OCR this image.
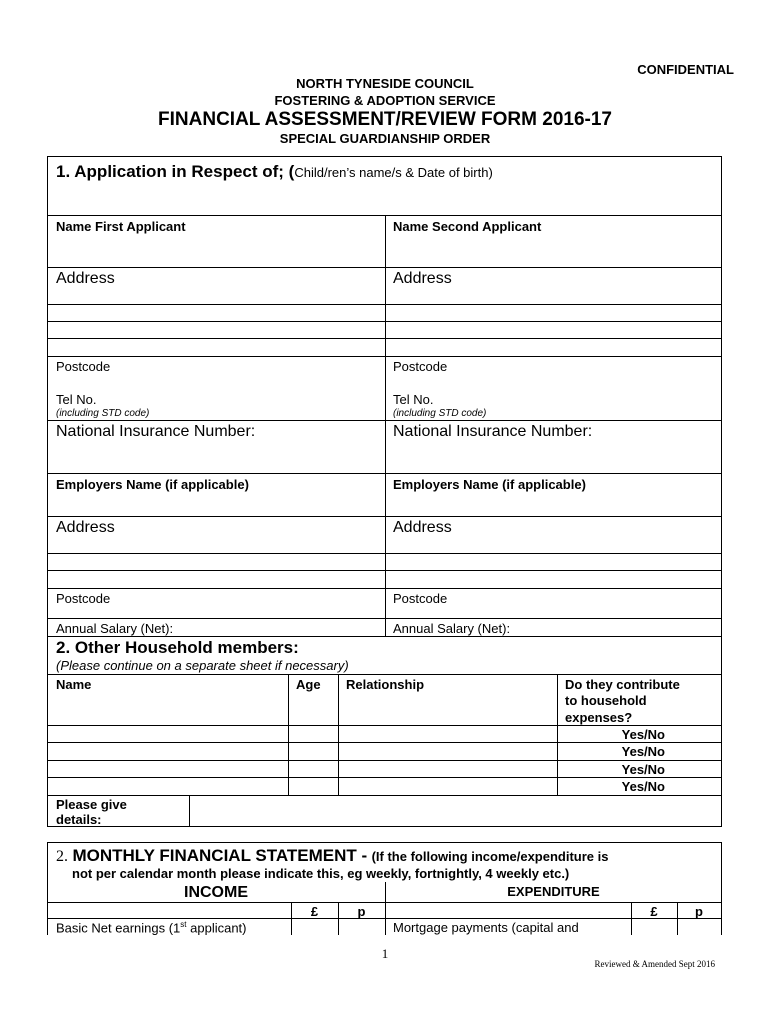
CONFIDENTIAL
NORTH TYNESIDE COUNCIL
FOSTERING & ADOPTION SERVICE
FINANCIAL ASSESSMENT/REVIEW FORM 2016-17
SPECIAL GUARDIANSHIP ORDER
1. Application in Respect of; (Child/ren’s name/s & Date of birth)
Name First Applicant	Name Second Applicant
Address	Address
Postcode	Postcode
Tel No.	Tel No.
(including STD code)	(including STD code)
National Insurance Number:	National Insurance Number:
Employers Name (if applicable)	Employers Name (if applicable)
Address	Address
Postcode	Postcode
Annual Salary (Net):	Annual Salary (Net):
2. Other Household members:
(Please continue on a separate sheet if necessary)
Name	Age Relationship	Do they contribute
to household
expenses?
Yes/No
Yes/No
Yes/No
Yes/No
Please give
details:
2. MONTHLY FINANCIAL STATEMENT - (If the following income/expenditure is
not per calendar month please indicate this, eg weekly, fortnightly, 4 weekly etc.)
INCOME	EXPENDITURE
£	p	£	p
Basic Net earnings (1st applicant)	Mortgage payments (capital and
1
Reviewed & Amended Sept 2016
